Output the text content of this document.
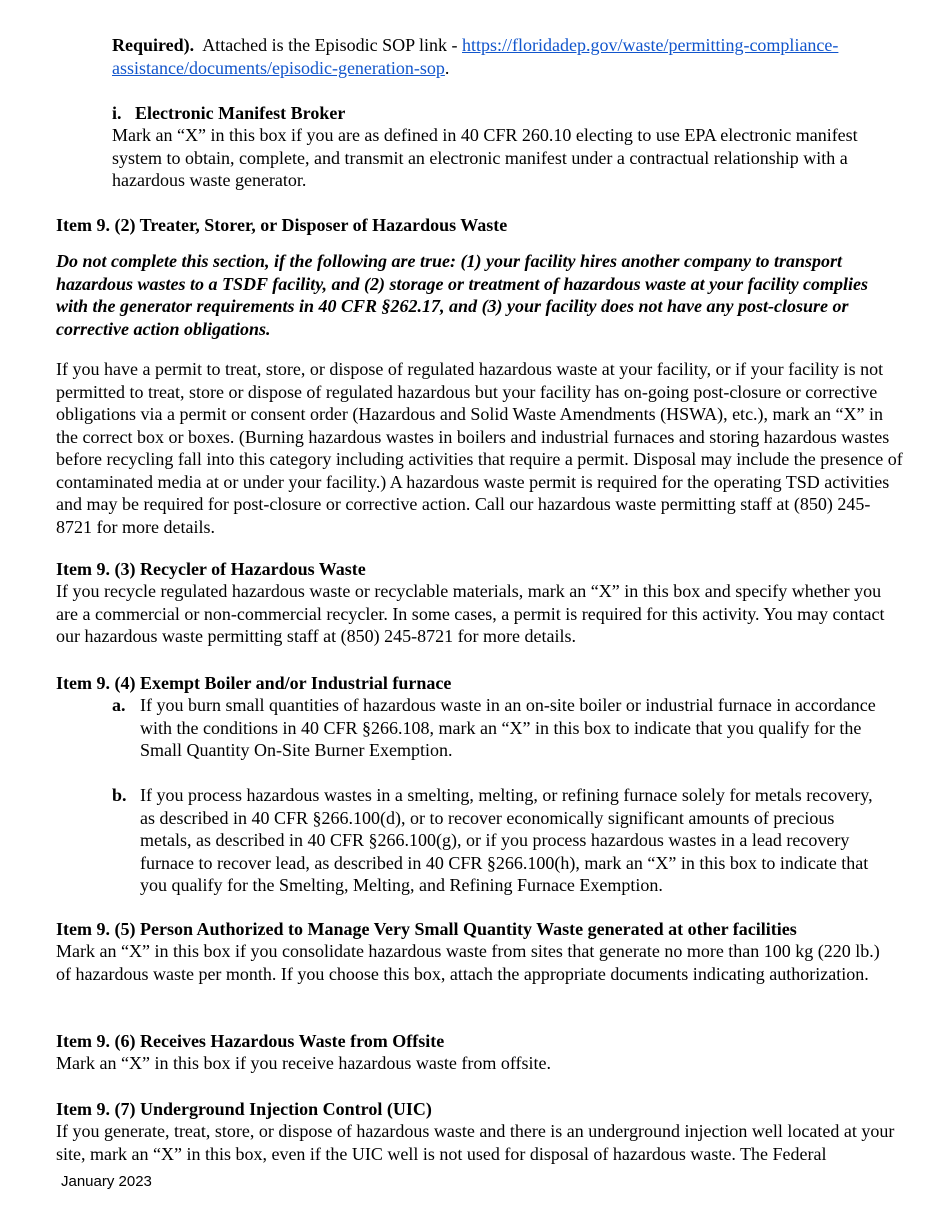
Required). Attached is the Episodic SOP link - https://floridadep.gov/waste/permitting-compliance-
assistance/documents/episodic-generation-sop.

i. Electronic Manifest Broker

Mark an “X” in this box if you are as defined in 40 CFR 260.10 electing to use EPA electronic manifest system to obtain, complete, and transmit an electronic manifest under a contractual relationship with a hazardous waste generator.

Item 9. (2) Treater, Storer, or Disposer of Hazardous Waste

Do not complete this section, if the following are true: (1) your facility hires another company to transport hazardous wastes to a TSDF facility, and (2) storage or treatment of hazardous waste at your facility complies with the generator requirements in 40 CFR §262.17, and (3) your facility does not have any post-closure or corrective action obligations.

If you have a permit to treat, store, or dispose of regulated hazardous waste at your facility, or if your facility is not permitted to treat, store or dispose of regulated hazardous but your facility has on-going post-closure or corrective obligations via a permit or consent order (Hazardous and Solid Waste Amendments (HSWA), etc.), mark an “X” in the correct box or boxes. (Burning hazardous wastes in boilers and industrial furnaces and storing hazardous wastes before recycling fall into this category including activities that require a permit. Disposal may include the presence of contaminated media at or under your facility.) A hazardous waste permit is required for the operating TSD activities and may be required for post-closure or corrective action. Call our hazardous waste permitting staff at (850) 245-8721 for more details.

Item 9. (3) Recycler of Hazardous Waste

If you recycle regulated hazardous waste or recyclable materials, mark an “X” in this box and specify whether you are a commercial or non-commercial recycler. In some cases, a permit is required for this activity. You may contact our hazardous waste permitting staff at (850) 245-8721 for more details.

Item 9. (4) Exempt Boiler and/or Industrial furnace
a. If you burn small quantities of hazardous waste in an on-site boiler or industrial furnace in accordance with the conditions in 40 CFR §266.108, mark an “X” in this box to indicate that you qualify for the Small Quantity On-Site Burner Exemption.
b. If you process hazardous wastes in a smelting, melting, or refining furnace solely for metals recovery, as described in 40 CFR §266.100(d), or to recover economically significant amounts of precious metals, as described in 40 CFR §266.100(g), or if you process hazardous wastes in a lead recovery furnace to recover lead, as described in 40 CFR §266.100(h), mark an “X” in this box to indicate that you qualify for the Smelting, Melting, and Refining Furnace Exemption.
Item 9. (5) Person Authorized to Manage Very Small Quantity Waste generated at other facilities

Mark an “X” in this box if you consolidate hazardous waste from sites that generate no more than 100 kg (220 lb.) of hazardous waste per month. If you choose this box, attach the appropriate documents indicating authorization.

Item 9. (6) Receives Hazardous Waste from Offsite

Mark an “X” in this box if you receive hazardous waste from offsite.

Item 9. (7) Underground Injection Control (UIC)

If you generate, treat, store, or dispose of hazardous waste and there is an underground injection well located at your site, mark an “X” in this box, even if the UIC well is not used for disposal of hazardous waste. The Federal

January 2023
